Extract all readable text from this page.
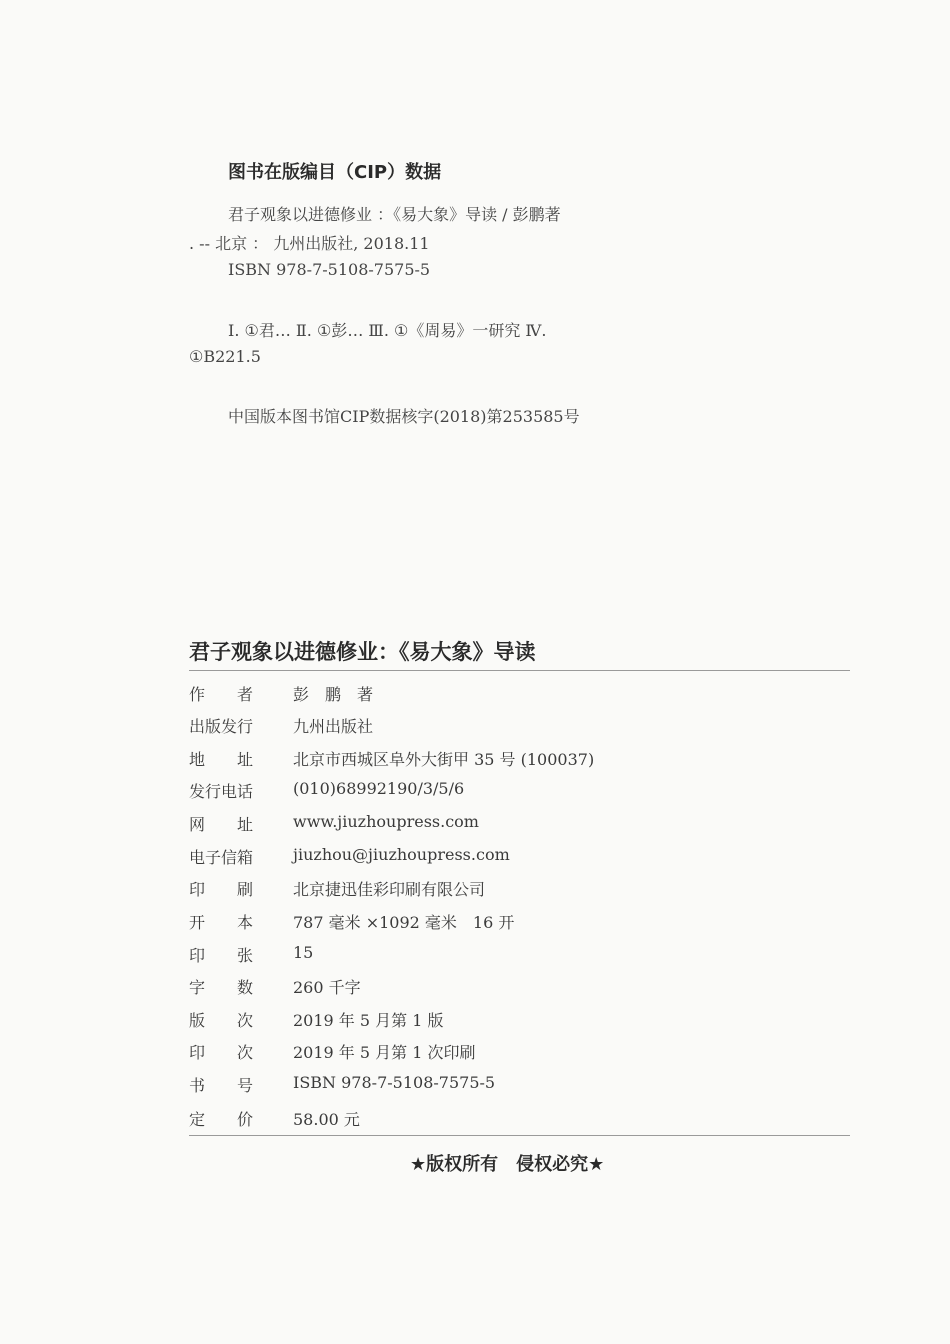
图书在版编目（CIP）数据
君子观象以进德修业 ：《易大象》导读 / 彭鹏著
. -- 北京 ： 九州出版社, 2018.11
ISBN 978-7-5108-7575-5
Ⅰ. ①君… Ⅱ. ①彭… Ⅲ. ①《周易》一研究 Ⅳ.
①B221.5
中国版本图书馆CIP数据核字(2018)第253585号
君子观象以进德修业：《易大象》导读
作　　者	彭　鹏　著
出版发行	九州出版社
地　　址	北京市西城区阜外大街甲 35 号 (100037)
发行电话	(010)68992190/3/5/6
网　　址	www.jiuzhoupress.com
电子信箱	jiuzhou@jiuzhoupress.com
印　　刷	北京捷迅佳彩印刷有限公司
开　　本	787 毫米 ×1092 毫米　16 开
印　　张	15
字　　数	260 千字
版　　次	2019 年 5 月第 1 版
印　　次	2019 年 5 月第 1 次印刷
书　　号	ISBN 978-7-5108-7575-5
定　　价	58.00 元
★版权所有　侵权必究★
